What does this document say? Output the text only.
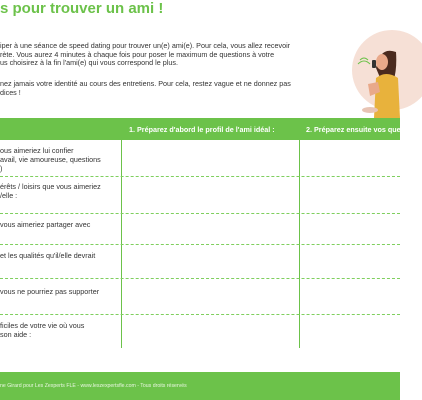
s pour trouver un ami !

iper à une séance de speed dating pour trouver un(e) ami(e). Pour cela, vous allez recevoir

rète. Vous aurez 4 minutes à chaque fois pour poser le maximum de questions à votre

us choisirez à la fin l'ami(e) qui vous correspond le plus.

nez jamais votre identité au cours des entretiens. Pour cela, restez vague et ne donnez pas

dices !

1. Préparez d'abord le profil de l'ami idéal :	2. Préparez ensuite vos questions
ous aimeriez lui confier
avail, vie amoureuse, questions
)
érêts / loisirs que vous aimeriez
/elle :
vous aimeriez partager avec
et les qualités qu'il/elle devrait
vous ne pourriez pas supporter
ficiles de votre vie où vous
son aide :
ne Girard pour Les Zexperts FLE - www.leszexpertsfle.com - Tous droits réservés
